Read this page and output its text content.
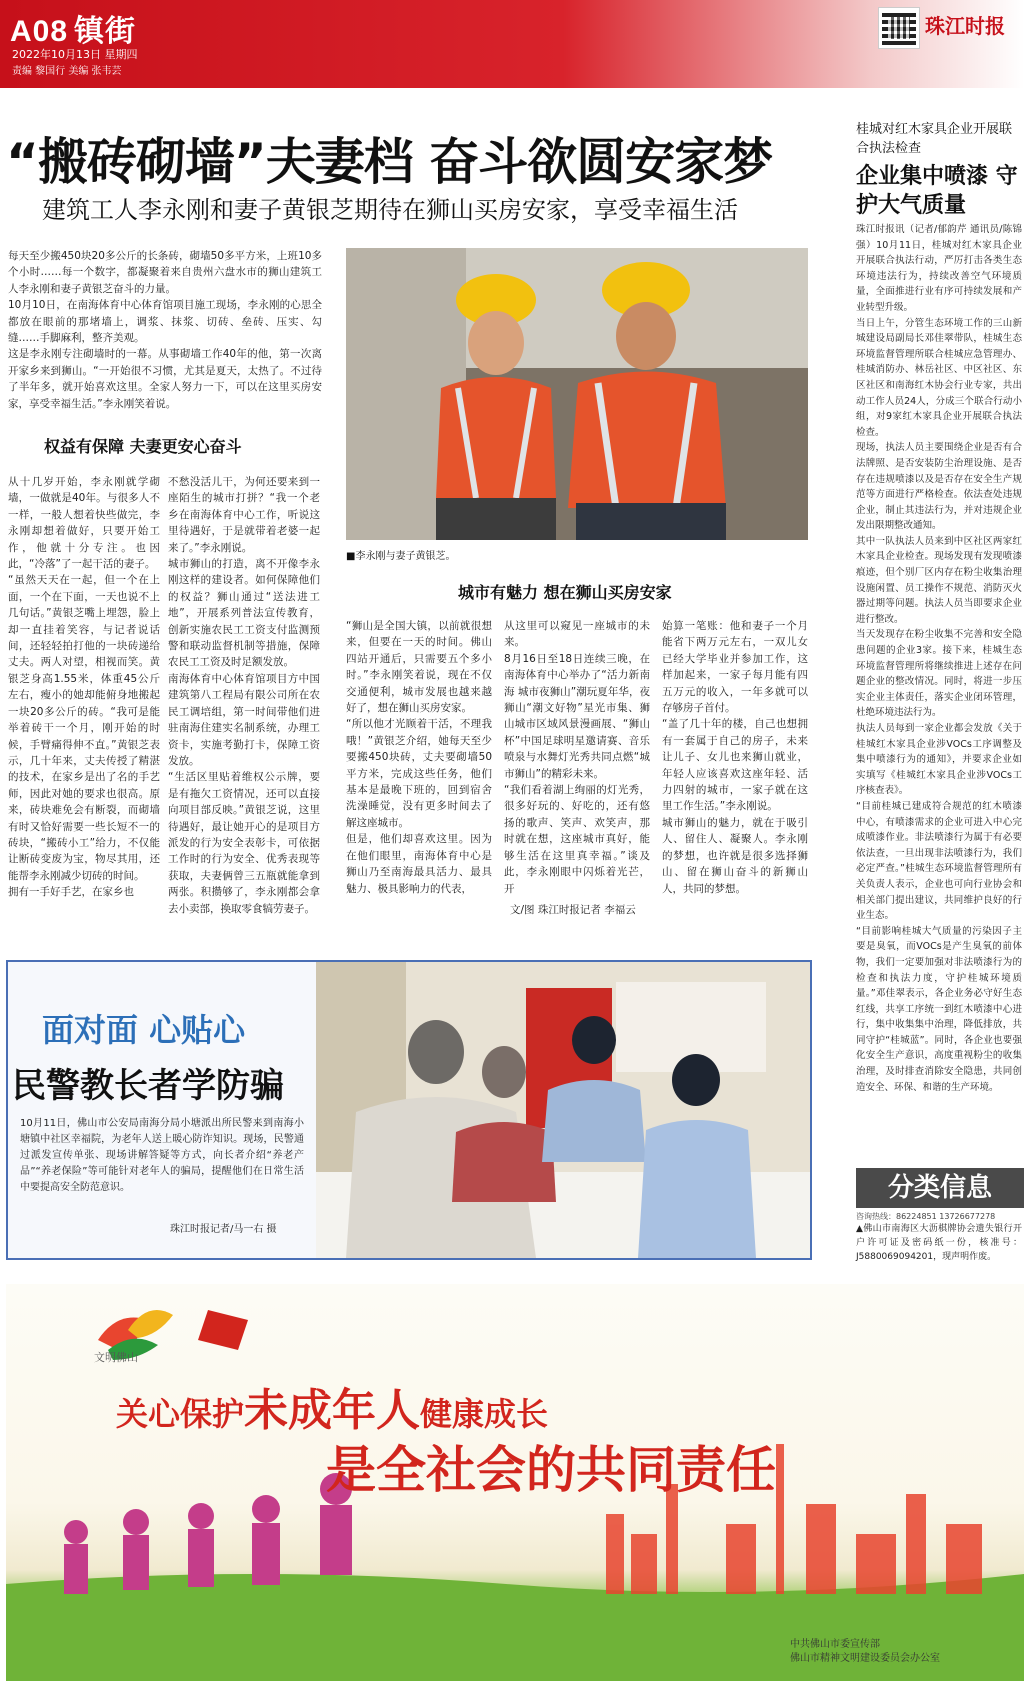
A08 镇街
2022年10月13日 星期四
责编 黎国行 美编 张韦芸
珠江时报
“搬砖砌墙”夫妻档 奋斗欲圆安家梦
建筑工人李永刚和妻子黄银芝期待在狮山买房安家，享受幸福生活
每天至少搬450块20多公斤的长条砖，砌墙50多平方米，上班10多个小时……每一个数字，都凝聚着来自贵州六盘水市的狮山建筑工人李永刚和妻子黄银芝奋斗的力量。
10月10日，在南海体育中心体育馆项目施工现场，李永刚的心思全都放在眼前的那堵墙上，调浆、抹浆、切砖、垒砖、压实、勾缝……手脚麻利，整齐美观。
这是李永刚专注砌墙时的一幕。从事砌墙工作40年的他，第一次离开家乡来到狮山。“一开始很不习惯，尤其是夏天，太热了。不过待了半年多，就开始喜欢这里。全家人努力一下，可以在这里买房安家，享受幸福生活。”李永刚笑着说。
权益有保障 夫妻更安心奋斗
从十几岁开始，李永刚就学砌墙，一做就是40年。与很多人不一样，一般人想着快些做完，李永刚却想着做好，只要开始工作，他就十分专注。也因此，“冷落”了一起干活的妻子。
“虽然天天在一起，但一个在上面，一个在下面，一天也说不上几句话。”黄银芝嘴上埋怨，脸上却一直挂着笑容，与记者说话间，还轻轻拍打他的一块砖递给丈夫。两人对望，相视而笑。黄银芝身高1.55米，体重45公斤左右，瘦小的她却能俯身地搬起一块20多公斤的砖。“我可是能举着砖干一个月，刚开始的时候，手臂痛得伸不直。”黄银芝表示，几十年来，丈夫传授了精湛的技术，在家乡是出了名的手艺师，因此对她的要求也很高。原来，砖块难免会有断裂，而砌墙有时又恰好需要一些长短不一的砖块，“搬砖小工”给力，不仅能让断砖变废为宝，物尽其用，还能帮李永刚减少切砖的时间。
拥有一手好手艺，在家乡也
不愁没活儿干，为何还要来到一座陌生的城市打拼？“我一个老乡在南海体育中心工作，听说这里待遇好，于是就带着老婆一起来了。”李永刚说。
城市狮山的打造，离不开像李永刚这样的建设者。如何保障他们的权益？狮山通过“送法进工地”，开展系列普法宣传教育，创新实施农民工工资支付监测预警和联动监督机制等措施，保障农民工工资及时足额发放。
南海体育中心体育馆项目方中国建筑第八工程局有限公司所在农民工调培组，第一时间带他们进驻南海住建实名制系统，办理工资卡，实施考勤打卡，保障工资发放。
“生活区里贴着维权公示牌，要是有拖欠工资情况，还可以直接向项目部反映。”黄银芝说，这里待遇好，最让她开心的是项目方派发的行为安全表彰卡，可依据工作时的行为安全、优秀表现等获取，夫妻俩曾三五瓶就能拿到两张。积攒够了，李永刚都会拿去小卖部，换取零食犒劳妻子。
■李永刚与妻子黄银芝。
城市有魅力 想在狮山买房安家
“狮山是全国大镇，以前就很想来，但要在一天的时间。佛山四站开通后，只需要五个多小时。”李永刚笑着说，现在不仅交通便利，城市发展也越来越好了，想在狮山买房安家。
“所以他才光顾着干活，不理我哦！”黄银芝介绍，她每天至少要搬450块砖，丈夫要砌墙50平方米，完成这些任务，他们基本是最晚下班的，回到宿舍洗澡睡觉，没有更多时间去了解这座城市。
但是，他们却喜欢这里。因为在他们眼里，南海体育中心是狮山乃至南海最具活力、最具魅力、极具影响力的代表，
从这里可以窥见一座城市的未来。
8月16日至18日连续三晚，在南海体育中心举办了“活力新南海 城市夜狮山”潮玩夏年华，夜狮山“潮文好物”星光市集、狮山城市区域风景漫画展、“狮山杯”中国足球明星邀请赛、音乐喷泉与水舞灯光秀共同点燃“城市狮山”的精彩未来。
“我们看着湖上绚丽的灯光秀，很多好玩的、好吃的，还有悠扬的歌声、笑声、欢笑声，那时就在想，这座城市真好，能够生活在这里真幸福。”谈及此，李永刚眼中闪烁着光芒，开
始算一笔账：他和妻子一个月能省下两万元左右，一双儿女已经大学毕业并参加工作，这样加起来，一家子每月能有四五万元的收入，一年多就可以存够房子首付。
“盖了几十年的楼，自己也想拥有一套属于自己的房子，未来让儿子、女儿也来狮山就业，年轻人应该喜欢这座年轻、活力四射的城市，一家子就在这里工作生活。”李永刚说。
城市狮山的魅力，就在于吸引人、留住人、凝聚人。李永刚的梦想，也许就是很多选择狮山、留在狮山奋斗的新狮山人，共同的梦想。
文/图 珠江时报记者 李福云
桂城对红木家具企业开展联合执法检查
企业集中喷漆 守护大气质量
珠江时报讯（记者/郁韵芹 通讯员/陈锦强）10月11日，桂城对红木家具企业开展联合执法行动，严厉打击各类生态环境违法行为，持续改善空气环境质量，全面推进行业有序可持续发展和产业转型升级。
当日上午，分管生态环境工作的三山新城建设局副局长邓佳翠带队，桂城生态环境监督管理所联合桂城应急管理办、桂城消防办、林岳社区、中区社区、东区社区和南海红木协会行业专家，共出动工作人员24人，分成三个联合行动小组，对9家红木家具企业开展联合执法检查。
现场，执法人员主要围绕企业是否有合法牌照、是否安装防尘治理设施、是否存在违规喷漆以及是否存在安全生产规范等方面进行严格检查。依法查处违规企业，制止其违法行为，并对违规企业发出限期整改通知。
其中一队执法人员来到中区社区两家红木家具企业检查。现场发现有发现喷漆痕迹，但个别厂区内存在粉尘收集治理设施闲置、员工操作不规范、消防灭火器过期等问题。执法人员当即要求企业进行整改。
当天发现存在粉尘收集不完善和安全隐患问题的企业3家。接下来，桂城生态环境监督管理所将继续推进上述存在问题企业的整改情况。同时，将进一步压实企业主体责任，落实企业闭环管理，杜绝环境违法行为。
执法人员每到一家企业都会发放《关于桂城红木家具企业涉VOCs工序调整及集中喷漆行为的通知》，并要求企业如实填写《桂城红木家具企业涉VOCs工序核查表》。
“目前桂城已建成符合规范的红木喷漆中心，有喷漆需求的企业可进入中心完成喷漆作业。非法喷漆行为属于有必要依法查，一旦出现非法喷漆行为，我们必定严查。”桂城生态环境监督管理所有关负责人表示，企业也可向行业协会和相关部门提出建议，共同维护良好的行业生态。
“目前影响桂城大气质量的污染因子主要是臭氧，而VOCs是产生臭氧的前体物，我们一定要加强对非法喷漆行为的检查和执法力度，守护桂城环境质量。”邓佳翠表示，各企业务必守好生态红线，共享工序统一到红木喷漆中心进行，集中收集集中治理，降低排放，共同守护“桂城蓝”。同时，各企业也要强化安全生产意识，高度重视粉尘的收集治理，及时排查消除安全隐患，共同创造安全、环保、和谐的生产环境。
面对面 心贴心
民警教长者学防骗
10月11日，佛山市公安局南海分局小塘派出所民警来到南海小塘镇中社区幸福院，为老年人送上暖心防诈知识。现场，民警通过派发宣传单张、现场讲解答疑等方式，向长者介绍“养老产品”“养老保险”等可能针对老年人的骗局，提醒他们在日常生活中要提高安全防范意识。
珠江时报记者/马一右 摄
分类信息
咨询热线：86224851 13726677278
▲佛山市南海区大沥棋牌协会遗失银行开户许可证及密码纸一份，核准号：J5880069094201，现声明作废。
文明佛山
关心保护未成年人健康成长
是全社会的共同责任
中共佛山市委宣传部
佛山市精神文明建设委员会办公室
